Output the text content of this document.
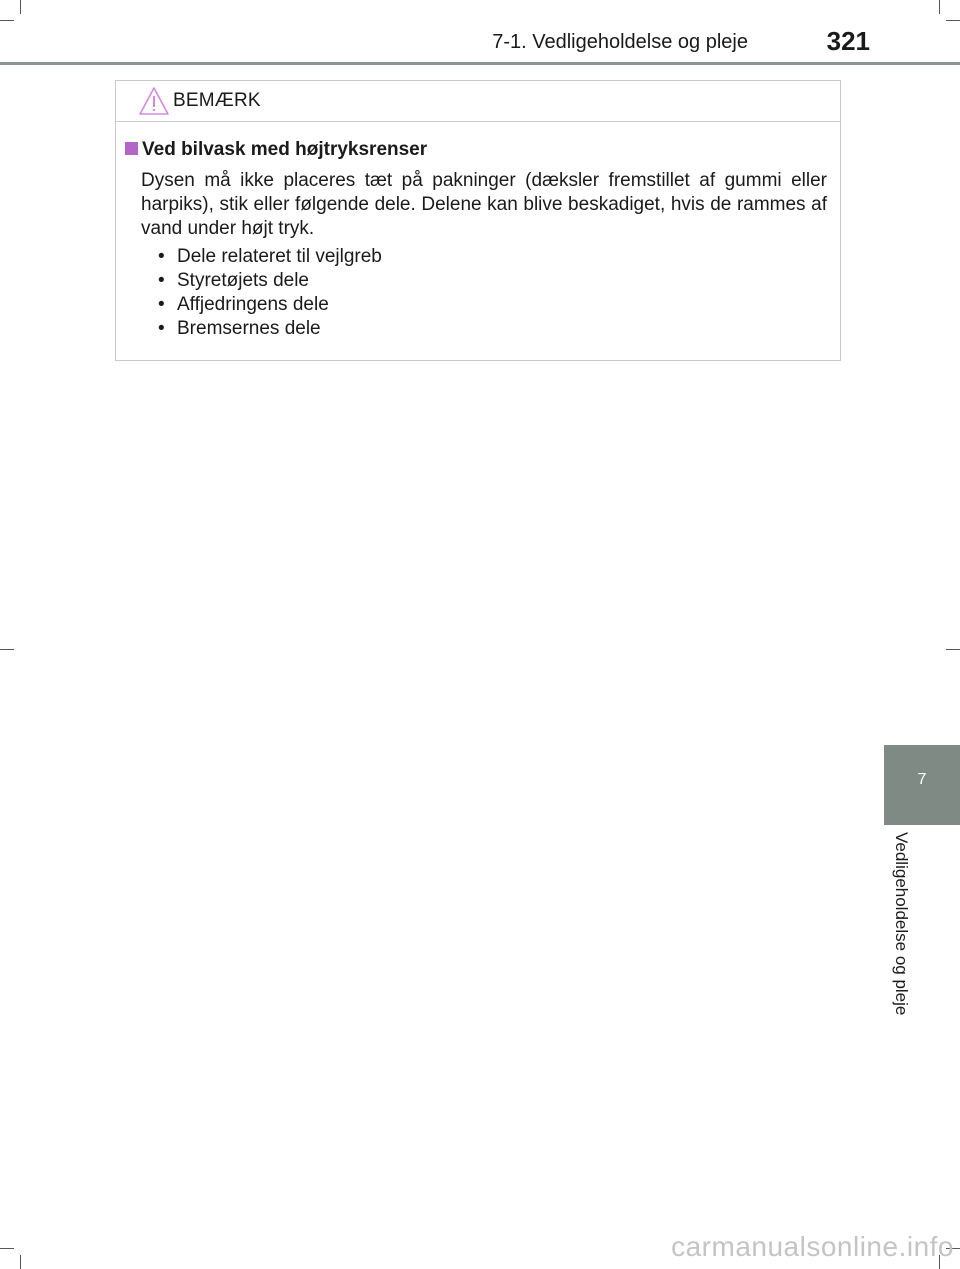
7-1. Vedligeholdelse og pleje	321
BEMÆRK
Ved bilvask med højtryksrenser
Dysen må ikke placeres tæt på pakninger (dæksler fremstillet af gummi eller harpiks), stik eller følgende dele. Delene kan blive beskadiget, hvis de rammes af vand under højt tryk.
• Dele relateret til vejlgreb
• Styretøjets dele
• Affjedringens dele
• Bremsernes dele
7
Vedligeholdelse og pleje
carmanualsonline.info
